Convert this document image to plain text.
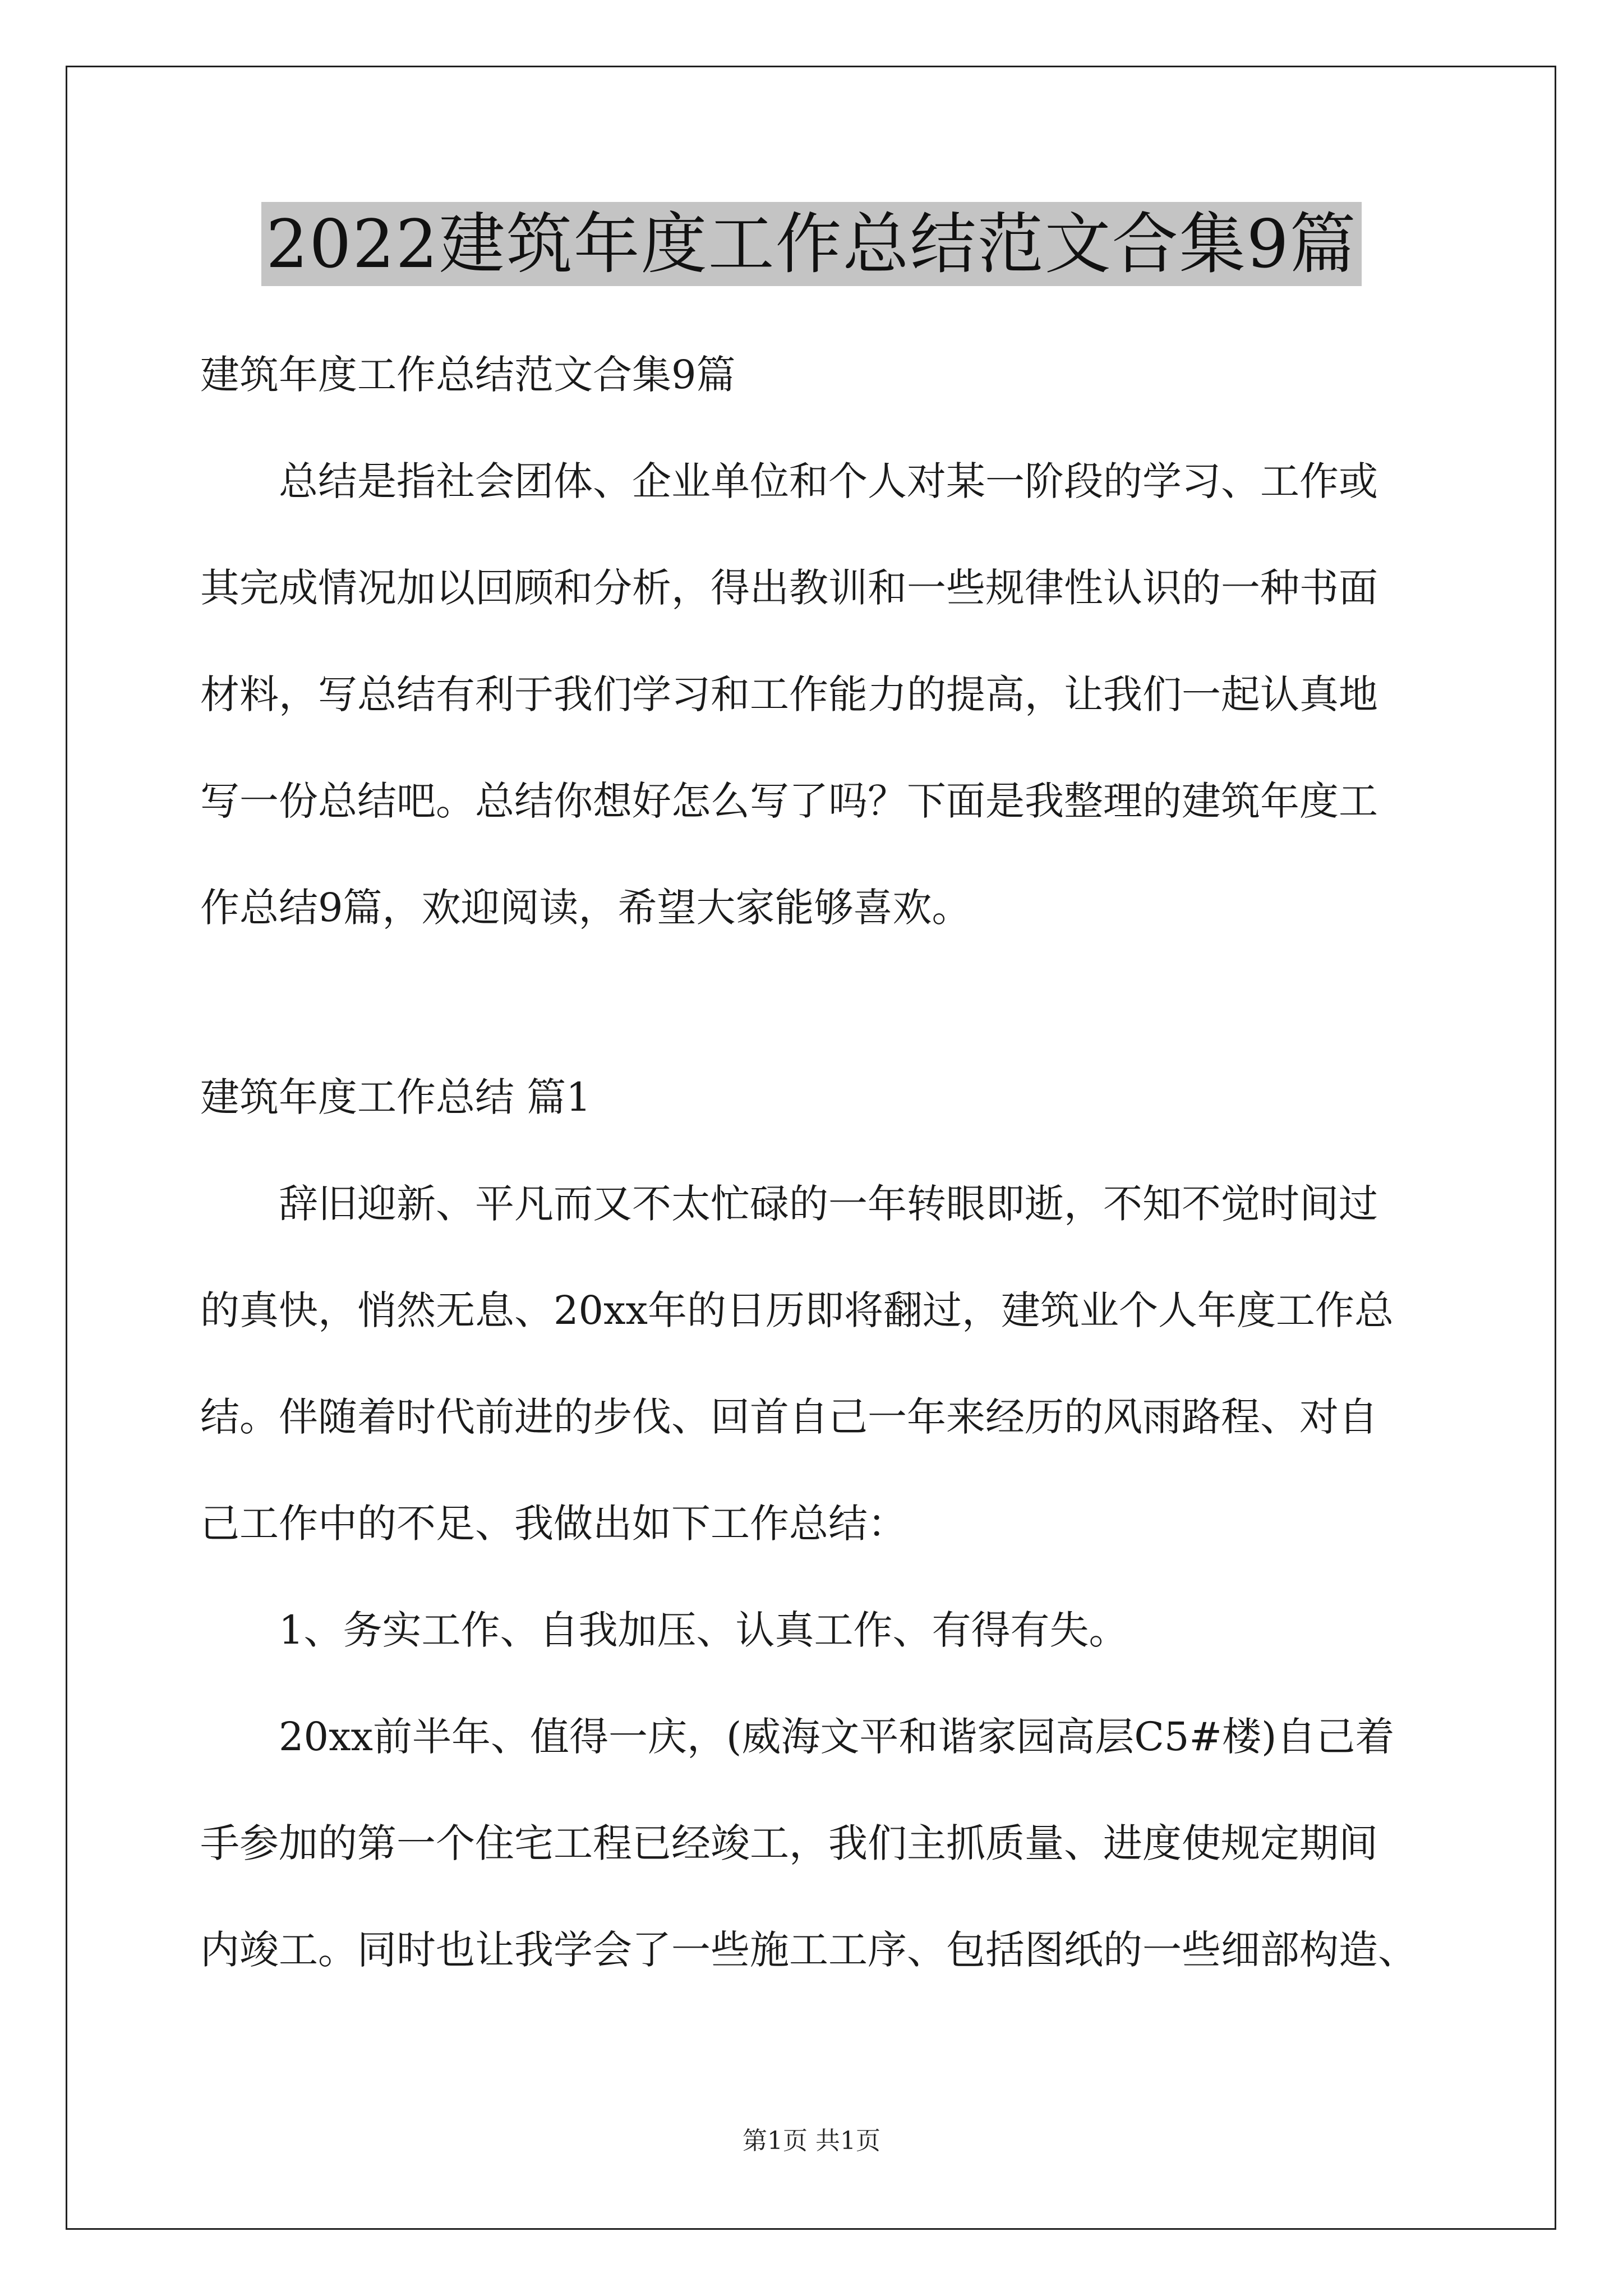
2022建筑年度工作总结范文合集9篇
建筑年度工作总结范文合集9篇
总结是指社会团体、企业单位和个人对某一阶段的学习、工作或
其完成情况加以回顾和分析，得出教训和一些规律性认识的一种书面
材料，写总结有利于我们学习和工作能力的提高，让我们一起认真地
写一份总结吧。总结你想好怎么写了吗？下面是我整理的建筑年度工
作总结9篇，欢迎阅读，希望大家能够喜欢。
建筑年度工作总结 篇1
辞旧迎新、平凡而又不太忙碌的一年转眼即逝，不知不觉时间过
的真快，悄然无息、20xx年的日历即将翻过，建筑业个人年度工作总
结。伴随着时代前进的步伐、回首自己一年来经历的风雨路程、对自
己工作中的不足、我做出如下工作总结：
1、务实工作、自我加压、认真工作、有得有失。
20xx前半年、值得一庆，(威海文平和谐家园高层C5#楼)自己着
手参加的第一个住宅工程已经竣工，我们主抓质量、进度使规定期间
内竣工。同时也让我学会了一些施工工序、包括图纸的一些细部构造、
第1页 共1页
